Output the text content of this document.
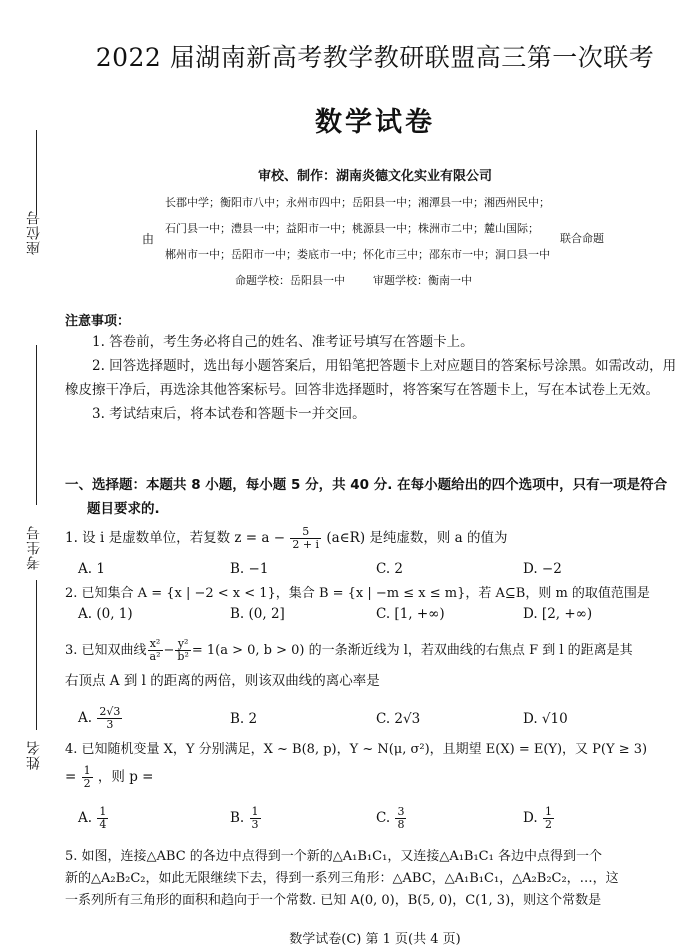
座位号
考生号
姓名
2022 届湖南新高考教学教研联盟高三第一次联考
数学试卷
审校、制作：湖南炎德文化实业有限公司
由	联合命题
长郡中学；衡阳市八中；永州市四中；岳阳县一中；湘潭县一中；湘西州民中；
石门县一中；澧县一中；益阳市一中；桃源县一中；株洲市二中；麓山国际；
郴州市一中；岳阳市一中；娄底市一中；怀化市三中；邵东市一中；洞口县一中
命题学校：岳阳县一中	审题学校：衡南一中
注意事项：

1. 答卷前，考生务必将自己的姓名、准考证号填写在答题卡上。

2. 回答选择题时，选出每小题答案后，用铅笔把答题卡上对应题目的答案标号涂黑。如需改动，用橡皮擦干净后，再选涂其他答案标号。回答非选择题时，将答案写在答题卡上，写在本试卷上无效。

3. 考试结束后，将本试卷和答题卡一并交回。

一、选择题：本题共 8 小题，每小题 5 分，共 40 分. 在每小题给出的四个选项中，只有一项是符合
题目要求的.
1. 设 i 是虚数单位，若复数 $z = a - \frac{5}{2 + i}$ (a∈R) 是纯虚数，则 a 的值为
A. 1	B. −1	C. 2	D. −2
2. 已知集合 A = {x | −2 < x < 1}，集合 B = {x | −m ≤ x ≤ m}，若 A⊆B，则 m 的取值范围是
A. (0, 1)	B. (0, 2]	C. [1, +∞)	D. [2, +∞)
3. 已知双曲线 $\frac{\text{x²}}{\text{a²}} - \frac{\text{y²}}{\text{b²}} = 1(a > 0$, b > 0) 的一条渐近线为 l，若双曲线的右焦点 F 到 l 的距离是其
右顶点 A 到 l 的距离的两倍，则该双曲线的离心率是
A. $\frac{2√3}{3}$	B. 2	C. 2√3	D. √10
4. 已知随机变量 X，Y 分别满足，X ~ B(8, p)，Y ~ N(μ, σ²)，且期望 E(X) = E(Y)，又 P(Y ≥ 3)
= $\frac{1}{2}$ ，则 p =
A. $\frac{1}{4}$	B. $\frac{1}{3}$	C. $\frac{3}{8}$	D. $\frac{1}{2}$
5. 如图，连接△ABC 的各边中点得到一个新的△A₁B₁C₁，又连接△A₁B₁C₁ 各边中点得到一个
新的△A₂B₂C₂，如此无限继续下去，得到一系列三角形：△ABC，△A₁B₁C₁，△A₂B₂C₂，…，这
一系列所有三角形的面积和趋向于一个常数. 已知 A(0, 0)，B(5, 0)，C(1, 3)，则这个常数是
数学试卷(C) 第 1 页(共 4 页)
